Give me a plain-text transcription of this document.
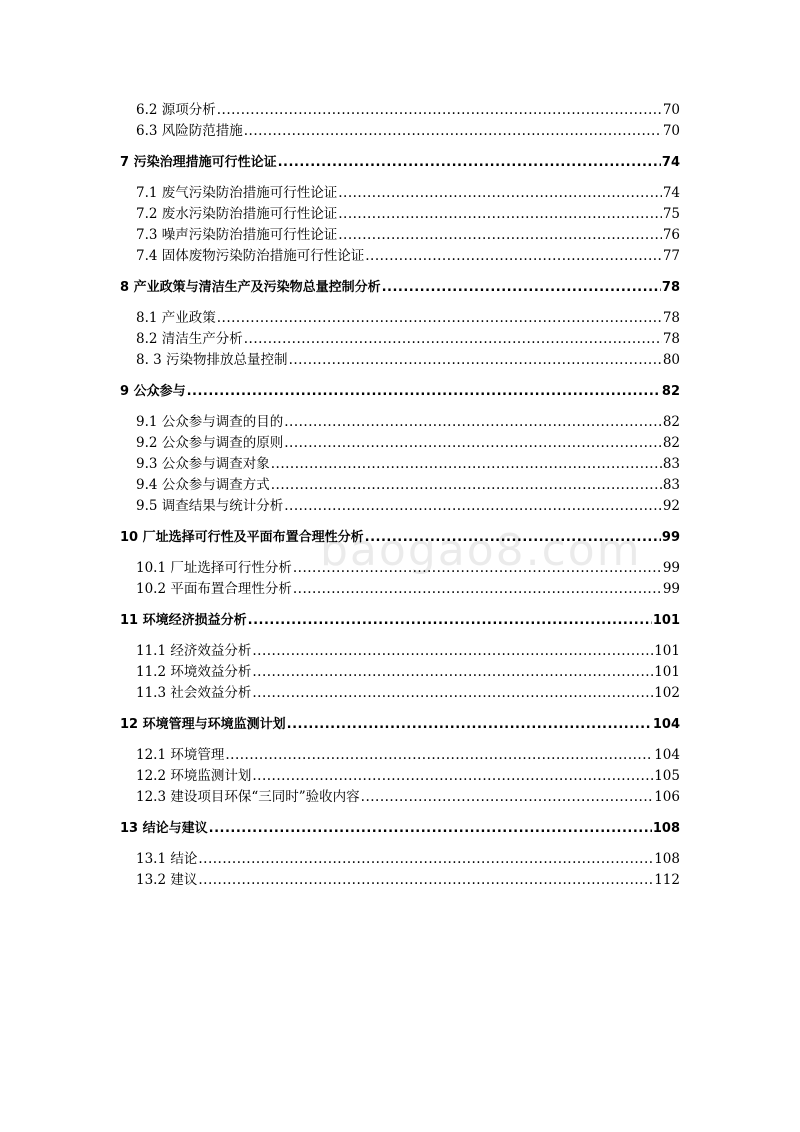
6.2 源项分析 .....	70
6.3 风险防范措施 .....	70
7 污染治理措施可行性论证 .....	74
7.1 废气污染防治措施可行性论证 .....	74
7.2 废水污染防治措施可行性论证 .....	75
7.3 噪声污染防治措施可行性论证 .....	76
7.4 固体废物污染防治措施可行性论证 .....	77
8 产业政策与清洁生产及污染物总量控制分析 .....	78
8.1 产业政策 .....	78
8.2 清洁生产分析 .....	78
8. 3 污染物排放总量控制 .....	80
9 公众参与 .....	82
9.1 公众参与调查的目的 .....	82
9.2 公众参与调查的原则 .....	82
9.3 公众参与调查对象 .....	83
9.4 公众参与调查方式 .....	83
9.5 调查结果与统计分析 .....	92
10 厂址选择可行性及平面布置合理性分析 .....	99
10.1 厂址选择可行性分析 .....	99
10.2 平面布置合理性分析 .....	99
11 环境经济损益分析 .....	101
11.1 经济效益分析 .....	101
11.2 环境效益分析 .....	101
11.3 社会效益分析 .....	102
12 环境管理与环境监测计划 .....	104
12.1 环境管理 .....	104
12.2 环境监测计划 .....	105
12.3 建设项目环保“三同时”验收内容 .....	106
13 结论与建议 .....	108
13.1 结论 .....	108
13.2 建议 .....	112
baogao8.com
